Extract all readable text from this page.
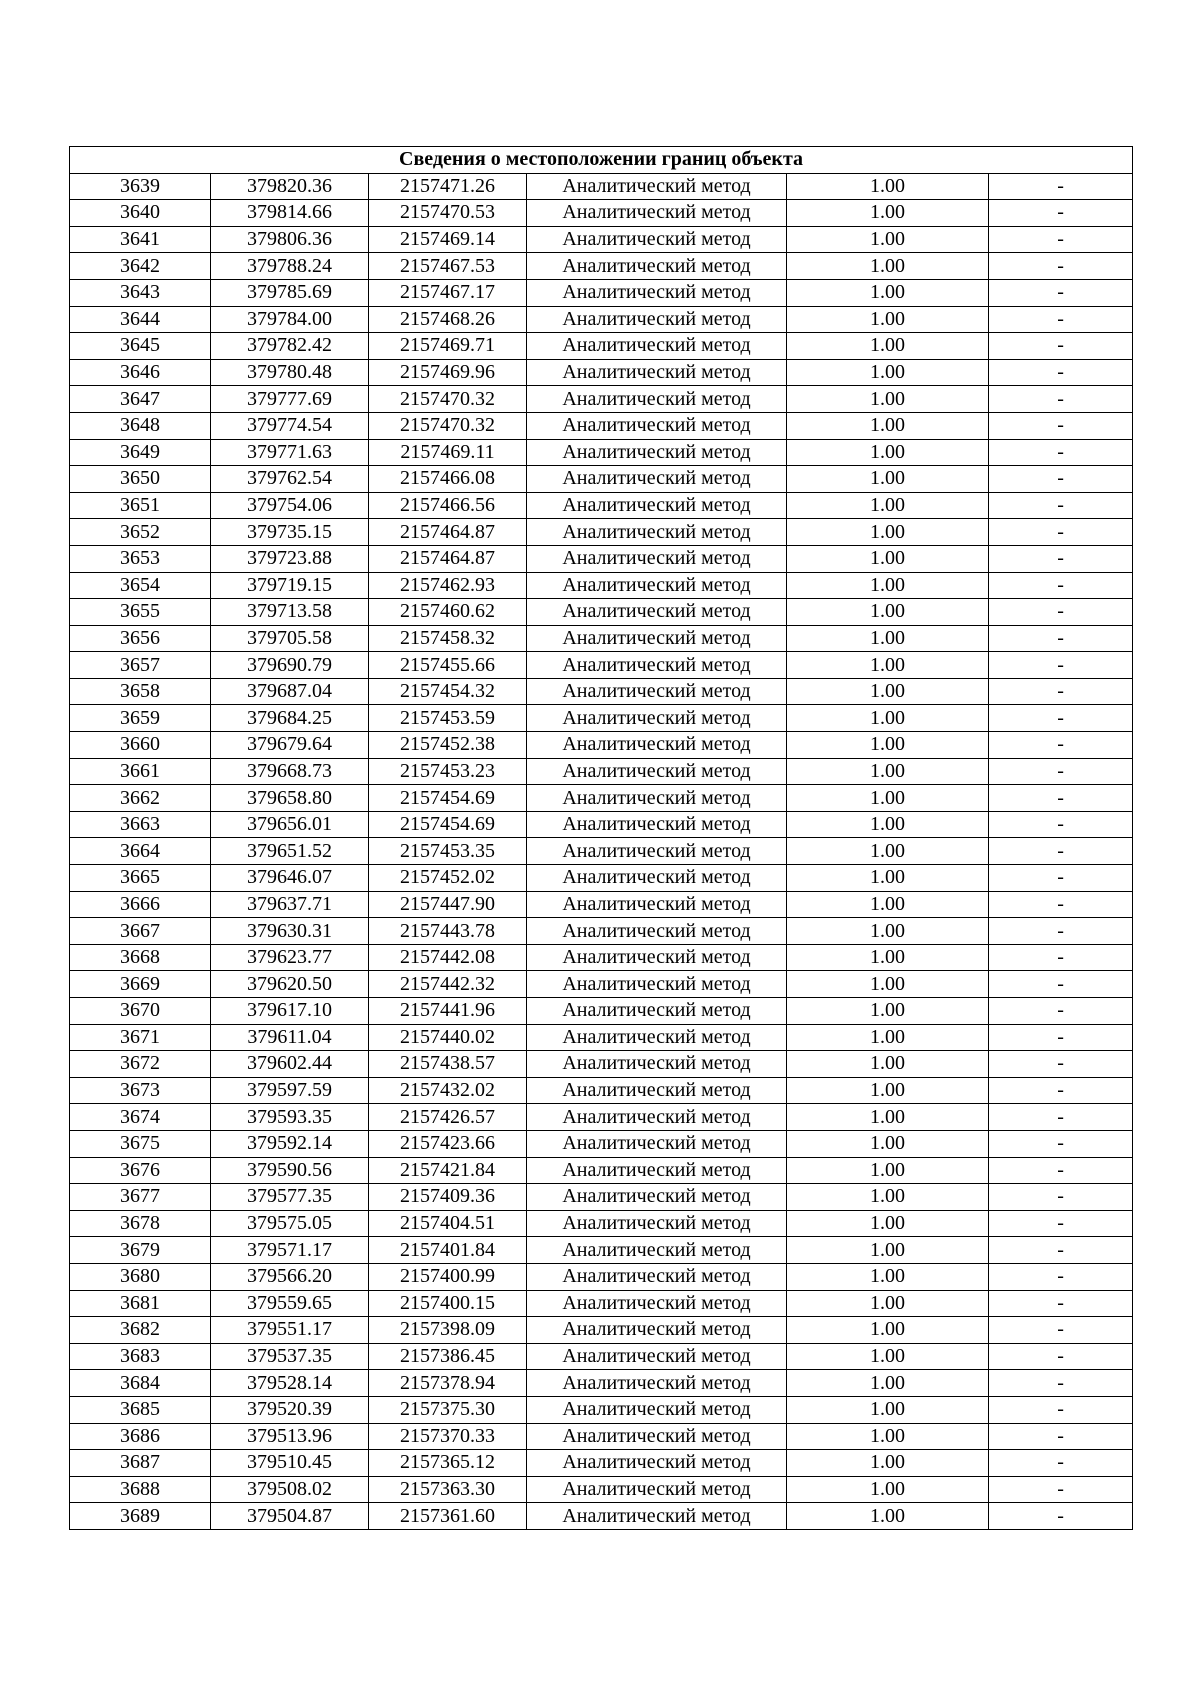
Сведения о местоположении границ объекта					
3639	379820.36	2157471.26	Аналитический метод	1.00	-
3640	379814.66	2157470.53	Аналитический метод	1.00	-
3641	379806.36	2157469.14	Аналитический метод	1.00	-
3642	379788.24	2157467.53	Аналитический метод	1.00	-
3643	379785.69	2157467.17	Аналитический метод	1.00	-
3644	379784.00	2157468.26	Аналитический метод	1.00	-
3645	379782.42	2157469.71	Аналитический метод	1.00	-
3646	379780.48	2157469.96	Аналитический метод	1.00	-
3647	379777.69	2157470.32	Аналитический метод	1.00	-
3648	379774.54	2157470.32	Аналитический метод	1.00	-
3649	379771.63	2157469.11	Аналитический метод	1.00	-
3650	379762.54	2157466.08	Аналитический метод	1.00	-
3651	379754.06	2157466.56	Аналитический метод	1.00	-
3652	379735.15	2157464.87	Аналитический метод	1.00	-
3653	379723.88	2157464.87	Аналитический метод	1.00	-
3654	379719.15	2157462.93	Аналитический метод	1.00	-
3655	379713.58	2157460.62	Аналитический метод	1.00	-
3656	379705.58	2157458.32	Аналитический метод	1.00	-
3657	379690.79	2157455.66	Аналитический метод	1.00	-
3658	379687.04	2157454.32	Аналитический метод	1.00	-
3659	379684.25	2157453.59	Аналитический метод	1.00	-
3660	379679.64	2157452.38	Аналитический метод	1.00	-
3661	379668.73	2157453.23	Аналитический метод	1.00	-
3662	379658.80	2157454.69	Аналитический метод	1.00	-
3663	379656.01	2157454.69	Аналитический метод	1.00	-
3664	379651.52	2157453.35	Аналитический метод	1.00	-
3665	379646.07	2157452.02	Аналитический метод	1.00	-
3666	379637.71	2157447.90	Аналитический метод	1.00	-
3667	379630.31	2157443.78	Аналитический метод	1.00	-
3668	379623.77	2157442.08	Аналитический метод	1.00	-
3669	379620.50	2157442.32	Аналитический метод	1.00	-
3670	379617.10	2157441.96	Аналитический метод	1.00	-
3671	379611.04	2157440.02	Аналитический метод	1.00	-
3672	379602.44	2157438.57	Аналитический метод	1.00	-
3673	379597.59	2157432.02	Аналитический метод	1.00	-
3674	379593.35	2157426.57	Аналитический метод	1.00	-
3675	379592.14	2157423.66	Аналитический метод	1.00	-
3676	379590.56	2157421.84	Аналитический метод	1.00	-
3677	379577.35	2157409.36	Аналитический метод	1.00	-
3678	379575.05	2157404.51	Аналитический метод	1.00	-
3679	379571.17	2157401.84	Аналитический метод	1.00	-
3680	379566.20	2157400.99	Аналитический метод	1.00	-
3681	379559.65	2157400.15	Аналитический метод	1.00	-
3682	379551.17	2157398.09	Аналитический метод	1.00	-
3683	379537.35	2157386.45	Аналитический метод	1.00	-
3684	379528.14	2157378.94	Аналитический метод	1.00	-
3685	379520.39	2157375.30	Аналитический метод	1.00	-
3686	379513.96	2157370.33	Аналитический метод	1.00	-
3687	379510.45	2157365.12	Аналитический метод	1.00	-
3688	379508.02	2157363.30	Аналитический метод	1.00	-
3689	379504.87	2157361.60	Аналитический метод	1.00	-
